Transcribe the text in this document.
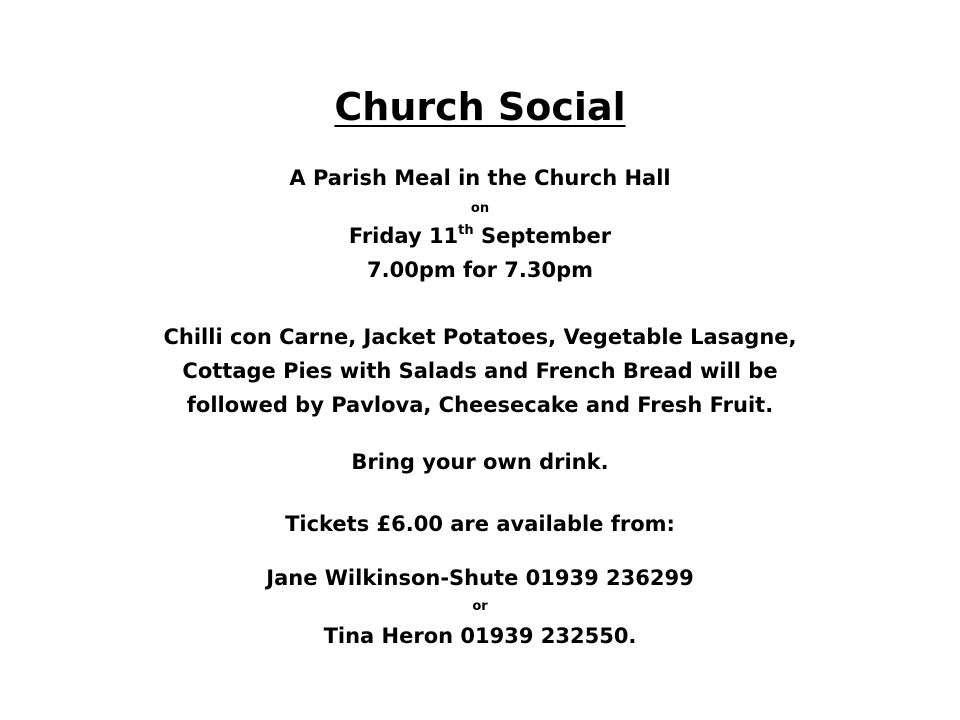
Church Social
A Parish Meal in the Church Hall
on
Friday 11th September
7.00pm for 7.30pm
Chilli con Carne, Jacket Potatoes, Vegetable Lasagne,
Cottage Pies with Salads and French Bread will be
followed by Pavlova, Cheesecake and Fresh Fruit.
Bring your own drink.
Tickets £6.00 are available from:
Jane Wilkinson-Shute 01939 236299
or
Tina Heron 01939 232550.
